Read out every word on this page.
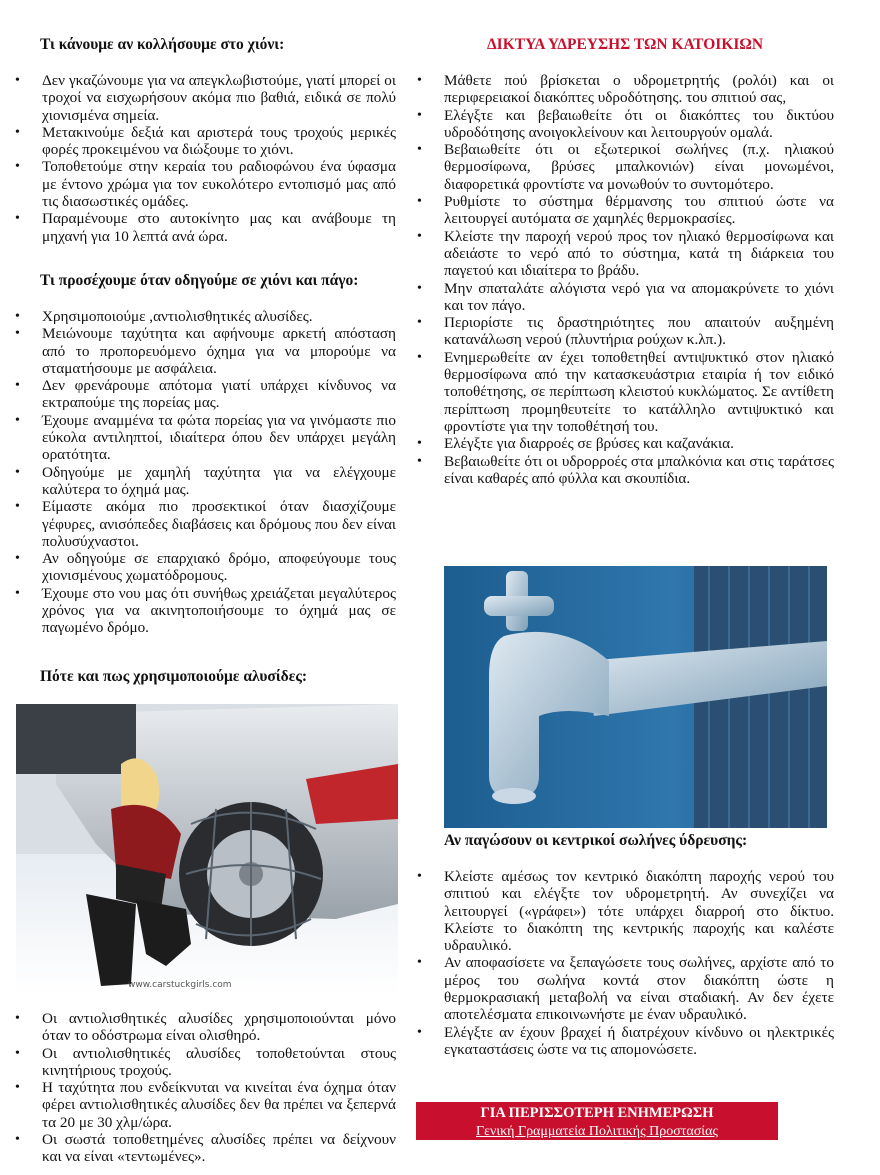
Τι κάνουμε αν κολλήσουμε στο χιόνι:
• Δεν γκαζώνουμε για να απεγκλωβιστούμε, γιατί μπορεί οι τροχοί να εισχωρήσουν ακόμα πιο βαθιά, ειδικά σε πολύ χιονισμένα σημεία.
• Μετακινούμε δεξιά και αριστερά τους τροχούς μερικές φορές προκειμένου να διώξουμε το χιόνι.
• Τοποθετούμε στην κεραία του ραδιοφώνου ένα ύφασμα με έντονο χρώμα για τον ευκολότερο εντοπισμό μας από τις διασωστικές ομάδες.
• Παραμένουμε στο αυτοκίνητο μας και ανάβουμε τη μηχανή για 10 λεπτά ανά ώρα.
Τι προσέχουμε όταν οδηγούμε σε χιόνι και πάγο:
• Χρησιμοποιούμε ,αντιολισθητικές αλυσίδες.
• Μειώνουμε ταχύτητα και αφήνουμε αρκετή απόσταση από το προπορευόμενο όχημα για να μπορούμε να σταματήσουμε με ασφάλεια.
• Δεν φρενάρουμε απότομα γιατί υπάρχει κίνδυνος να εκτραπούμε της πορείας μας.
• Έχουμε αναμμένα τα φώτα πορείας για να γινόμαστε πιο εύκολα αντιληπτοί, ιδιαίτερα όπου δεν υπάρχει μεγάλη ορατότητα.
• Οδηγούμε με χαμηλή ταχύτητα για να ελέγχουμε καλύτερα το όχημά μας.
• Είμαστε ακόμα πιο προσεκτικοί όταν διασχίζουμε γέφυρες, ανισόπεδες διαβάσεις και δρόμους που δεν είναι πολυσύχναστοι.
• Αν οδηγούμε σε επαρχιακό δρόμο, αποφεύγουμε τους χιονισμένους χωματόδρομους.
• Έχουμε στο νου μας ότι συνήθως χρειάζεται μεγαλύτερος χρόνος για να ακινητοποιήσουμε το όχημά μας σε παγωμένο δρόμο.
Πότε και πως χρησιμοποιούμε αλυσίδες:
• Οι αντιολισθητικές αλυσίδες χρησιμοποιούνται μόνο όταν το οδόστρωμα είναι ολισθηρό.
• Οι αντιολισθητικές αλυσίδες τοποθετούνται στους κινητήριους τροχούς.
• Η ταχύτητα που ενδείκνυται να κινείται ένα όχημα όταν φέρει αντιολισθητικές αλυσίδες δεν θα πρέπει να ξεπερνά τα 20 με 30 χλμ/ώρα.
• Οι σωστά τοποθετημένες αλυσίδες πρέπει να δείχνουν και να είναι «τεντωμένες».
www.carstuckgirls.com
ΔΙΚΤΥΑ ΥΔΡΕΥΣΗΣ ΤΩΝ ΚΑΤΟΙΚΙΩΝ
• Μάθετε πού βρίσκεται ο υδρομετρητής (ρολόι) και οι περιφερειακοί διακόπτες υδροδότησης. του σπιτιού σας,
• Ελέγξτε και βεβαιωθείτε ότι οι διακόπτες του δικτύου υδροδότησης ανοιγοκλείνουν και λειτουργούν ομαλά.
• Βεβαιωθείτε ότι οι εξωτερικοί σωλήνες (π.χ. ηλιακού θερμοσίφωνα, βρύσες μπαλκονιών) είναι μονωμένοι, διαφορετικά φροντίστε να μονωθούν το συντομότερο.
• Ρυθμίστε το σύστημα θέρμανσης του σπιτιού ώστε να λειτουργεί αυτόματα σε χαμηλές θερμοκρασίες.
• Κλείστε την παροχή νερού προς τον ηλιακό θερμοσίφωνα και αδειάστε το νερό από το σύστημα, κατά τη διάρκεια του παγετού και ιδιαίτερα το βράδυ.
• Μην σπαταλάτε αλόγιστα νερό για να απομακρύνετε το χιόνι και τον πάγο.
• Περιορίστε τις δραστηριότητες που απαιτούν αυξημένη κατανάλωση νερού (πλυντήρια ρούχων κ.λπ.).
• Ενημερωθείτε αν έχει τοποθετηθεί αντιψυκτικό στον ηλιακό θερμοσίφωνα από την κατασκευάστρια εταιρία ή τον ειδικό τοποθέτησης, σε περίπτωση κλειστού κυκλώματος. Σε αντίθετη περίπτωση προμηθευτείτε το κατάλληλο αντιψυκτικό και φροντίστε για την τοποθέτησή του.
• Ελέγξτε για διαρροές σε βρύσες και καζανάκια.
• Βεβαιωθείτε ότι οι υδρορροές στα μπαλκόνια και στις ταράτσες είναι καθαρές από φύλλα και σκουπίδια.
Αν παγώσουν οι κεντρικοί σωλήνες ύδρευσης:
• Κλείστε αμέσως τον κεντρικό διακόπτη παροχής νερού του σπιτιού και ελέγξτε τον υδρομετρητή. Αν συνεχίζει να λειτουργεί («γράφει») τότε υπάρχει διαρροή στο δίκτυο. Κλείστε το διακόπτη της κεντρικής παροχής και καλέστε υδραυλικό.
• Αν αποφασίσετε να ξεπαγώσετε τους σωλήνες, αρχίστε από το μέρος του σωλήνα κοντά στον διακόπτη ώστε η θερμοκρασιακή μεταβολή να είναι σταδιακή. Αν δεν έχετε αποτελέσματα επικοινωνήστε με έναν υδραυλικό.
• Ελέγξτε αν έχουν βραχεί ή διατρέχουν κίνδυνο οι ηλεκτρικές εγκαταστάσεις ώστε να τις απομονώσετε.
ΓΙΑ ΠΕΡΙΣΣΟΤΕΡΗ ΕΝΗΜΕΡΩΣΗ
Γενική Γραμματεία Πολιτικής Προστασίας
